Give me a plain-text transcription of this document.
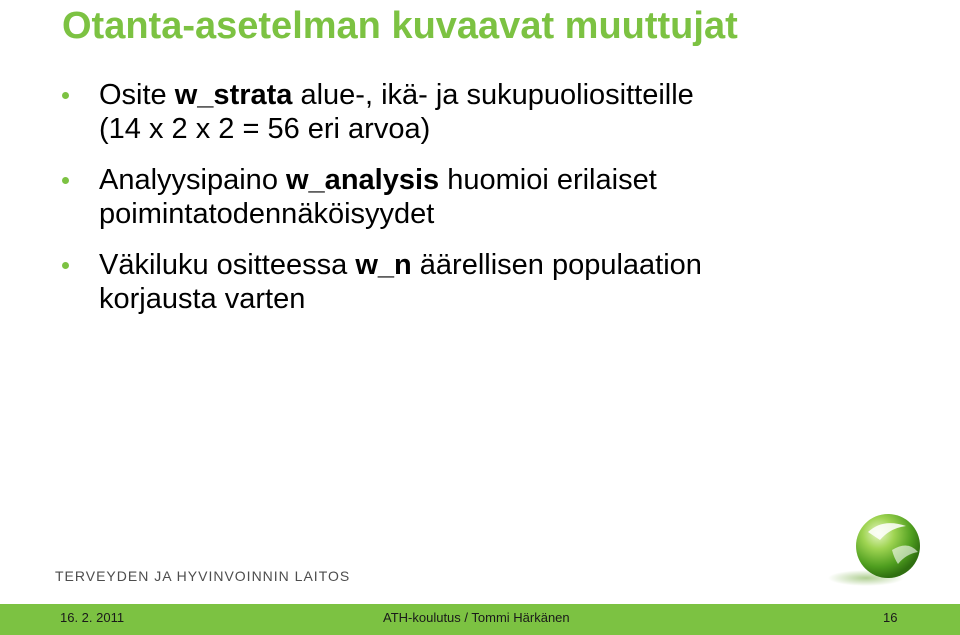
Otanta-asetelman kuvaavat muuttujat
Osite w_strata alue-, ikä- ja sukupuoliositteille
(14 x 2 x 2 = 56 eri arvoa)
Analyysipaino w_analysis huomioi erilaiset
poimintatodennäköisyydet
Väkiluku ositteessa w_n äärellisen populaation
korjausta varten
TERVEYDEN JA HYVINVOINNIN LAITOS
16. 2. 2011	ATH-koulutus / Tommi Härkänen	16
